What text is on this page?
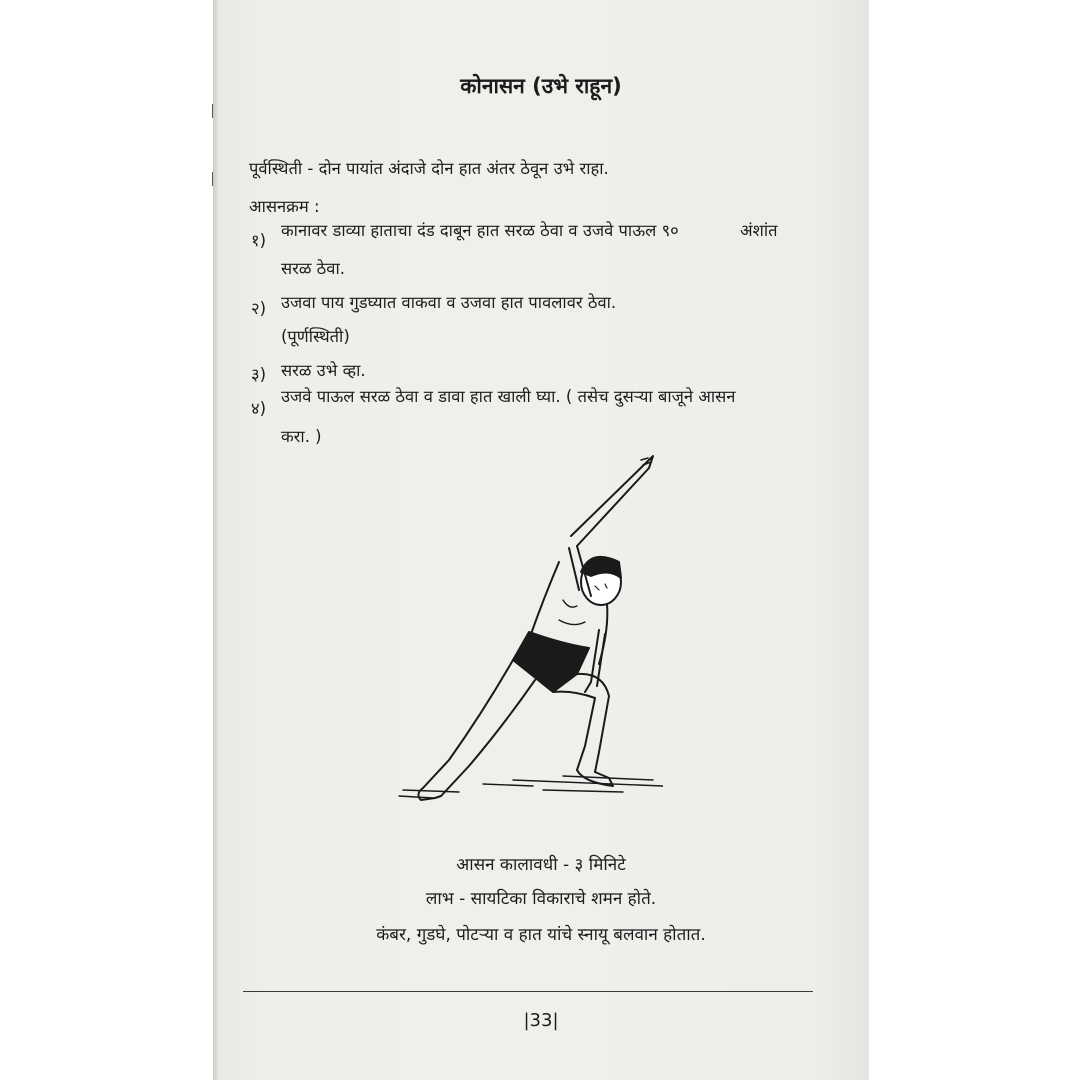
कोनासन (उभे राहून)
पूर्वस्थिती - दोन पायांत अंदाजे दोन हात अंतर ठेवून उभे राहा.
आसनक्रम :
१)
कानावर डाव्या हाताचा दंड दाबून हात सरळ ठेवा व उजवे पाऊल ९०	अंशांत
सरळ ठेवा.
२) उजवा पाय गुडघ्यात वाकवा व उजवा हात पावलावर ठेवा.
(पूर्णस्थिती)
३) सरळ उभे व्हा.
४)
उजवे पाऊल सरळ ठेवा व डावा हात खाली घ्या. ( तसेच दुसऱ्या बाजूने आसन
करा. )
आसन कालावधी - ३ मिनिटे
लाभ - सायटिका विकाराचे शमन होते.
कंबर, गुडघे, पोटऱ्या व हात यांचे स्नायू बलवान होतात.
|33|
